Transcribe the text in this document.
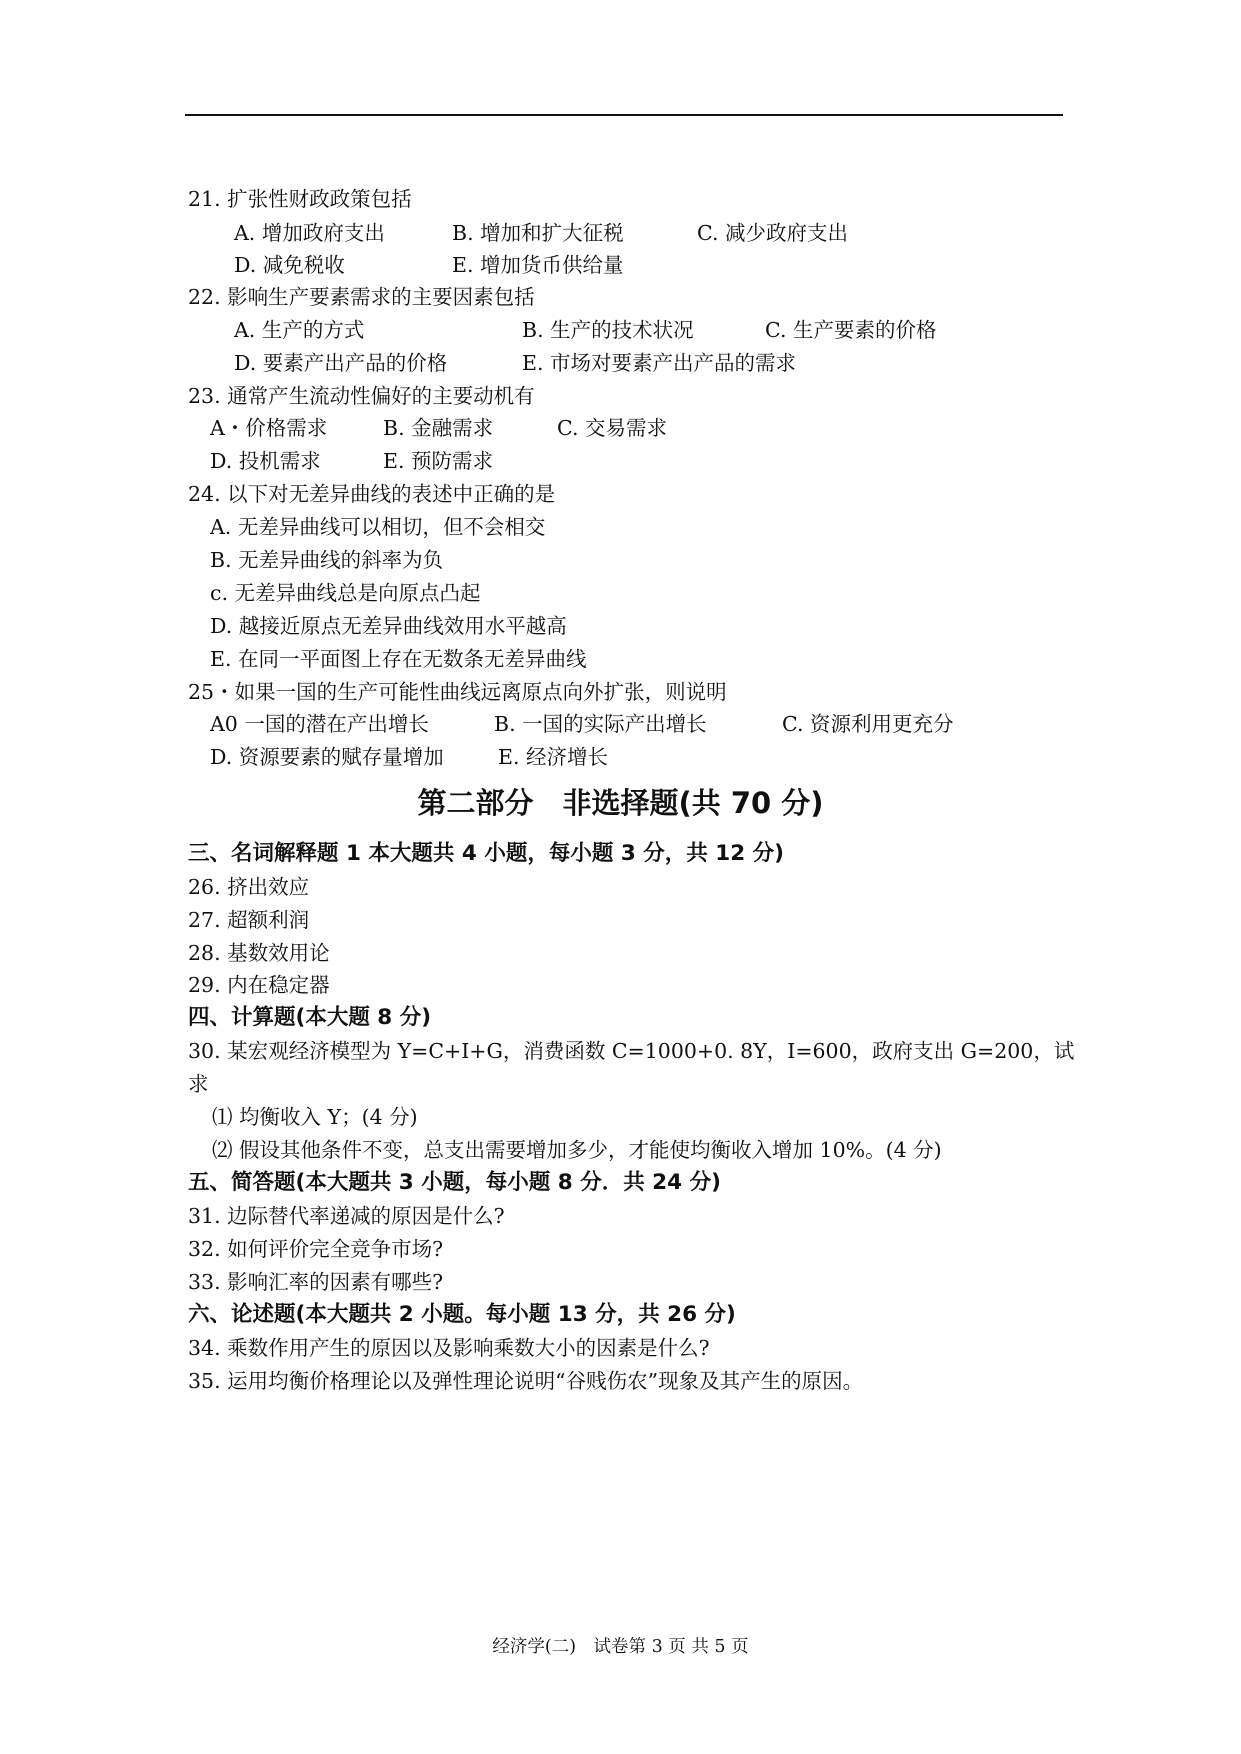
21. 扩张性财政政策包括
A. 增加政府支出	B. 增加和扩大征税	C. 减少政府支出
D. 减免税收	E. 增加货币供给量
22. 影响生产要素需求的主要因素包括
A. 生产的方式	B. 生产的技术状况	C. 生产要素的价格
D. 要素产出产品的价格	E. 市场对要素产出产品的需求
23. 通常产生流动性偏好的主要动机有
A・价格需求	B. 金融需求	C. 交易需求
D. 投机需求	E. 预防需求
24. 以下对无差异曲线的表述中正确的是
A. 无差异曲线可以相切，但不会相交
B. 无差异曲线的斜率为负
c. 无差异曲线总是向原点凸起
D. 越接近原点无差异曲线效用水平越高
E. 在同一平面图上存在无数条无差异曲线
25・如果一国的生产可能性曲线远离原点向外扩张，则说明
A0 一国的潜在产出增长	B. 一国的实际产出增长	C. 资源利用更充分
D. 资源要素的赋存量增加	E. 经济增长
第二部分　非选择题(共 70 分)
三、名词解释题 1 本大题共 4 小题，每小题 3 分，共 12 分)
26. 挤出效应
27. 超额利润
28. 基数效用论
29. 内在稳定器
四、计算题(本大题 8 分)
30. 某宏观经济模型为 Y=C+I+G，消费函数 C=1000+0. 8Y，I=600，政府支出 G=200，试
求
⑴ 均衡收入 Y；(4 分)
⑵ 假设其他条件不变，总支出需要增加多少，才能使均衡收入增加 10%。(4 分)
五、简答题(本大题共 3 小题，每小题 8 分．共 24 分)
31. 边际替代率递减的原因是什么?
32. 如何评价完全竞争市场?
33. 影响汇率的因素有哪些?
六、论述题(本大题共 2 小题。每小题 13 分，共 26 分)
34. 乘数作用产生的原因以及影响乘数大小的因素是什么?
35. 运用均衡价格理论以及弹性理论说明“谷贱伤农”现象及其产生的原因。
经济学(二)　试卷第 3 页 共 5 页
